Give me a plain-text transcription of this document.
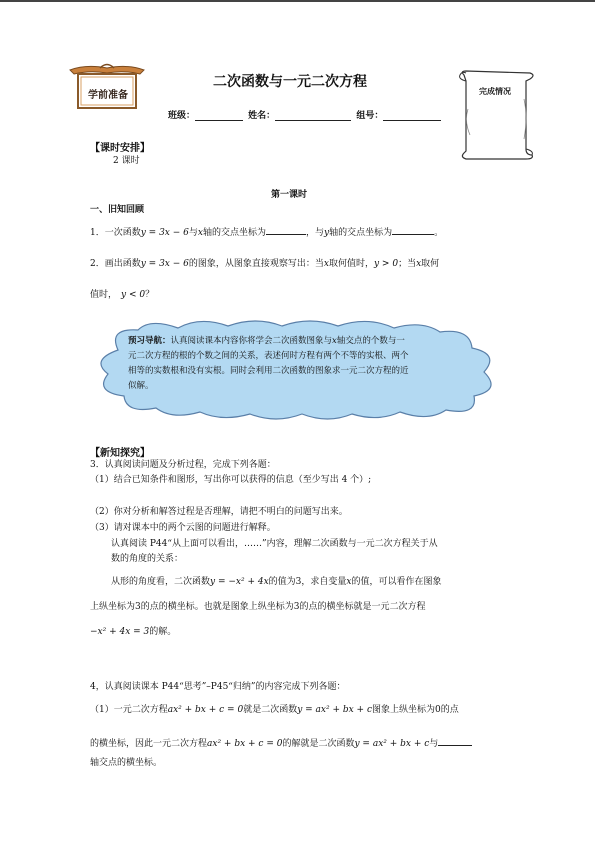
学前准备
二次函数与一元二次方程
完成情况
班级：	姓名：	组号：
【课时安排】
2 课时
第一课时
一、旧知回顾
1．一次函数y = 3x − 6与x轴的交点坐标为	，与y轴的交点坐标为	。
2．画出函数y = 3x − 6的图象，从图象直接观察写出：当x取何值时，y > 0；当x取何
值时， y < 0？
预习导航：认真阅读课本内容你将学会二次函数图象与x轴交点的个数与一
元二次方程的根的个数之间的关系，表述何时方程有两个不等的实根、两个
相等的实数根和没有实根。同时会利用二次函数的图象求一元二次方程的近
似解。
【新知探究】
3．认真阅读问题及分析过程，完成下列各题：
（1）结合已知条件和图形，写出你可以获得的信息（至少写出 4 个）;
（2）你对分析和解答过程是否理解，请把不明白的问题写出来。
（3）请对课本中的两个云图的问题进行解释。
认真阅读 P44“从上面可以看出，……”内容，理解二次函数与一元二次方程关于从
数的角度的关系：
从形的角度看，二次函数y = −x² + 4x的值为3，求自变量x的值，可以看作在图象
上纵坐标为3的点的横坐标。也就是图象上纵坐标为3的点的横坐标就是一元二次方程
−x² + 4x = 3的解。
4，认真阅读课本 P44“思考”–P45“归纳”的内容完成下列各题：
（1）一元二次方程ax² + bx + c = 0就是二次函数y = ax² + bx + c图象上纵坐标为0的点
的横坐标，因此一元二次方程ax² + bx + c = 0的解就是二次函数y = ax² + bx + c与
轴交点的横坐标。
